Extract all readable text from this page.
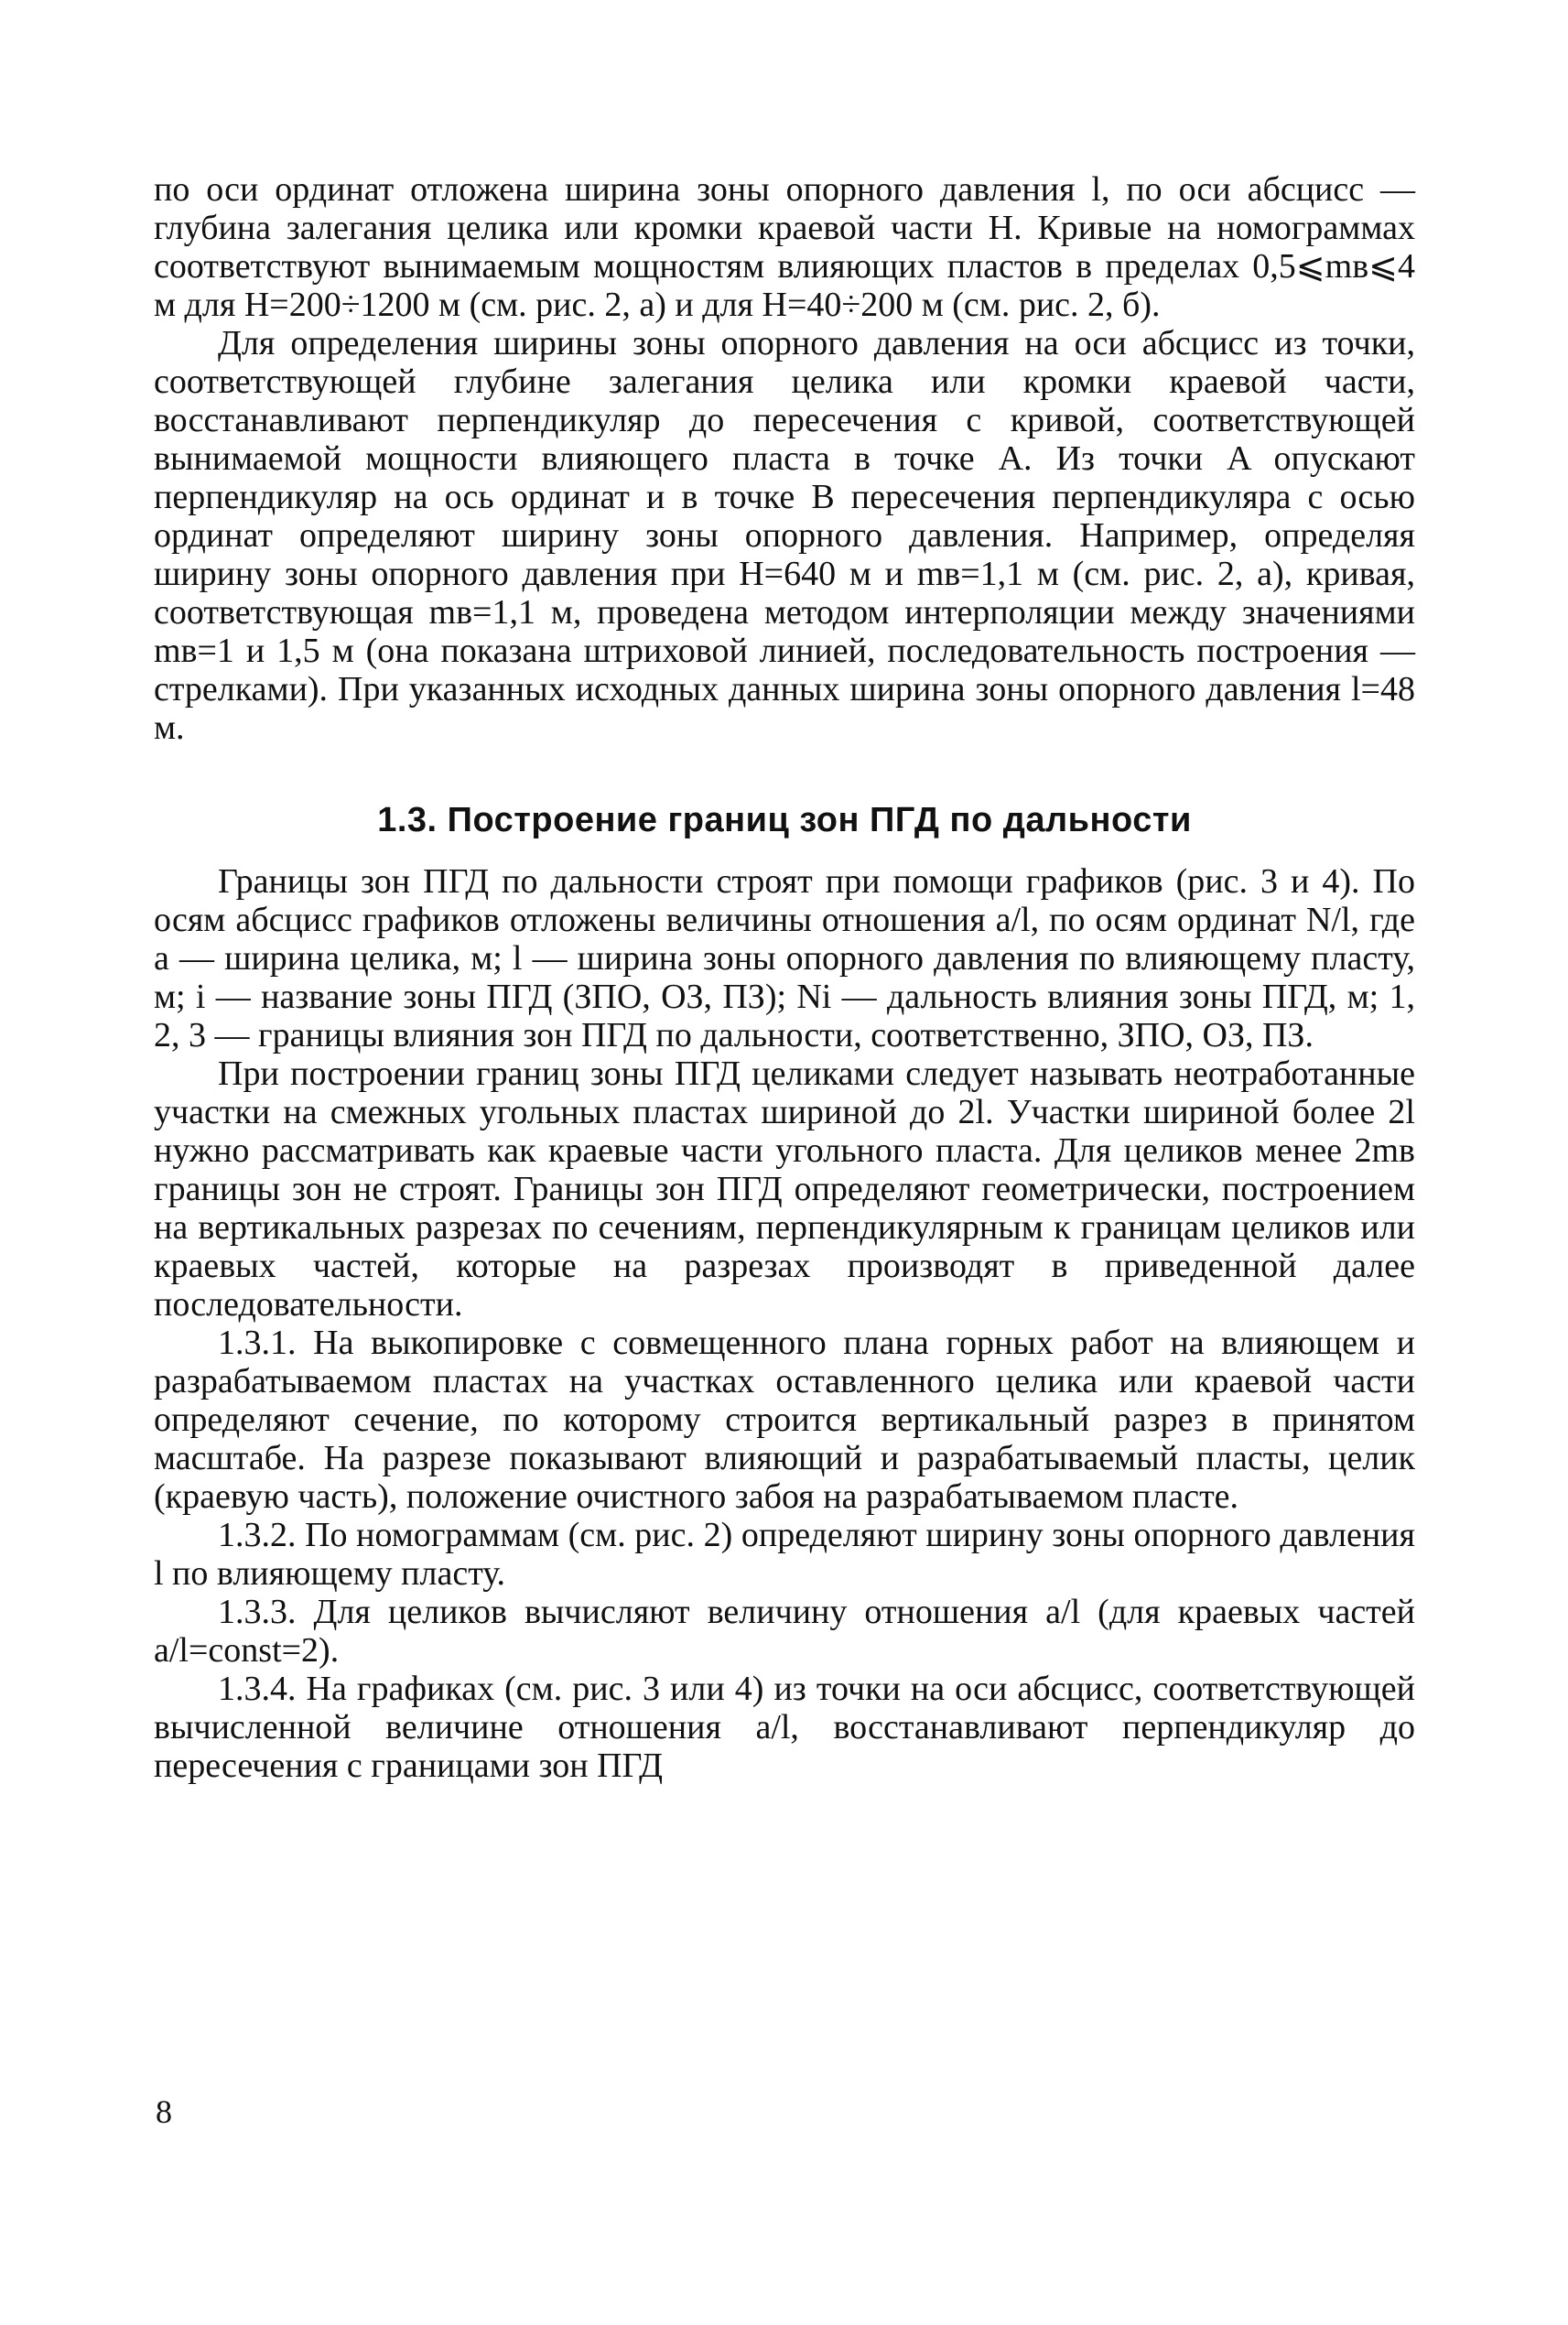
по оси ординат отложена ширина зоны опорного давления l, по оси абсцисс — глубина залегания целика или кромки краевой части H. Кривые на номограммах соответствуют вынимаемым мощностям влияющих пластов в пределах 0,5⩽mв⩽4 м для H=200÷1200 м (см. рис. 2, а) и для H=40÷200 м (см. рис. 2, б).

Для определения ширины зоны опорного давления на оси абсцисс из точки, соответствующей глубине залегания целика или кромки краевой части, восстанавливают перпендикуляр до пересечения с кривой, соответствующей вынимаемой мощности влияющего пласта в точке A. Из точки A опускают перпендикуляр на ось ординат и в точке B пересечения перпендикуляра с осью ординат определяют ширину зоны опорного давления. Например, определяя ширину зоны опорного давления при H=640 м и mв=1,1 м (см. рис. 2, а), кривая, соответствующая mв=1,1 м, проведена методом интерполяции между значениями mв=1 и 1,5 м (она показана штриховой линией, последовательность построения — стрелками). При указанных исходных данных ширина зоны опорного давления l=48 м.

1.3. Построение границ зон ПГД по дальности

Границы зон ПГД по дальности строят при помощи графиков (рис. 3 и 4). По осям абсцисс графиков отложены величины отношения a/l, по осям ординат N/l, где a — ширина целика, м; l — ширина зоны опорного давления по влияющему пласту, м; i — название зоны ПГД (ЗПО, ОЗ, ПЗ); Ni — дальность влияния зоны ПГД, м; 1, 2, 3 — границы влияния зон ПГД по дальности, соответственно, ЗПО, ОЗ, ПЗ.

При построении границ зоны ПГД целиками следует называть неотработанные участки на смежных угольных пластах шириной до 2l. Участки шириной более 2l нужно рассматривать как краевые части угольного пласта. Для целиков менее 2mв границы зон не строят. Границы зон ПГД определяют геометрически, построением на вертикальных разрезах по сечениям, перпендикулярным к границам целиков или краевых частей, которые на разрезах производят в приведенной далее последовательности.

1.3.1. На выкопировке с совмещенного плана горных работ на влияющем и разрабатываемом пластах на участках оставленного целика или краевой части определяют сечение, по которому строится вертикальный разрез в принятом масштабе. На разрезе показывают влияющий и разрабатываемый пласты, целик (краевую часть), положение очистного забоя на разрабатываемом пласте.

1.3.2. По номограммам (см. рис. 2) определяют ширину зоны опорного давления l по влияющему пласту.

1.3.3. Для целиков вычисляют величину отношения a/l (для краевых частей a/l=const=2).

1.3.4. На графиках (см. рис. 3 или 4) из точки на оси абсцисс, соответствующей вычисленной величине отношения a/l, восстанавливают перпендикуляр до пересечения с границами зон ПГД

8
